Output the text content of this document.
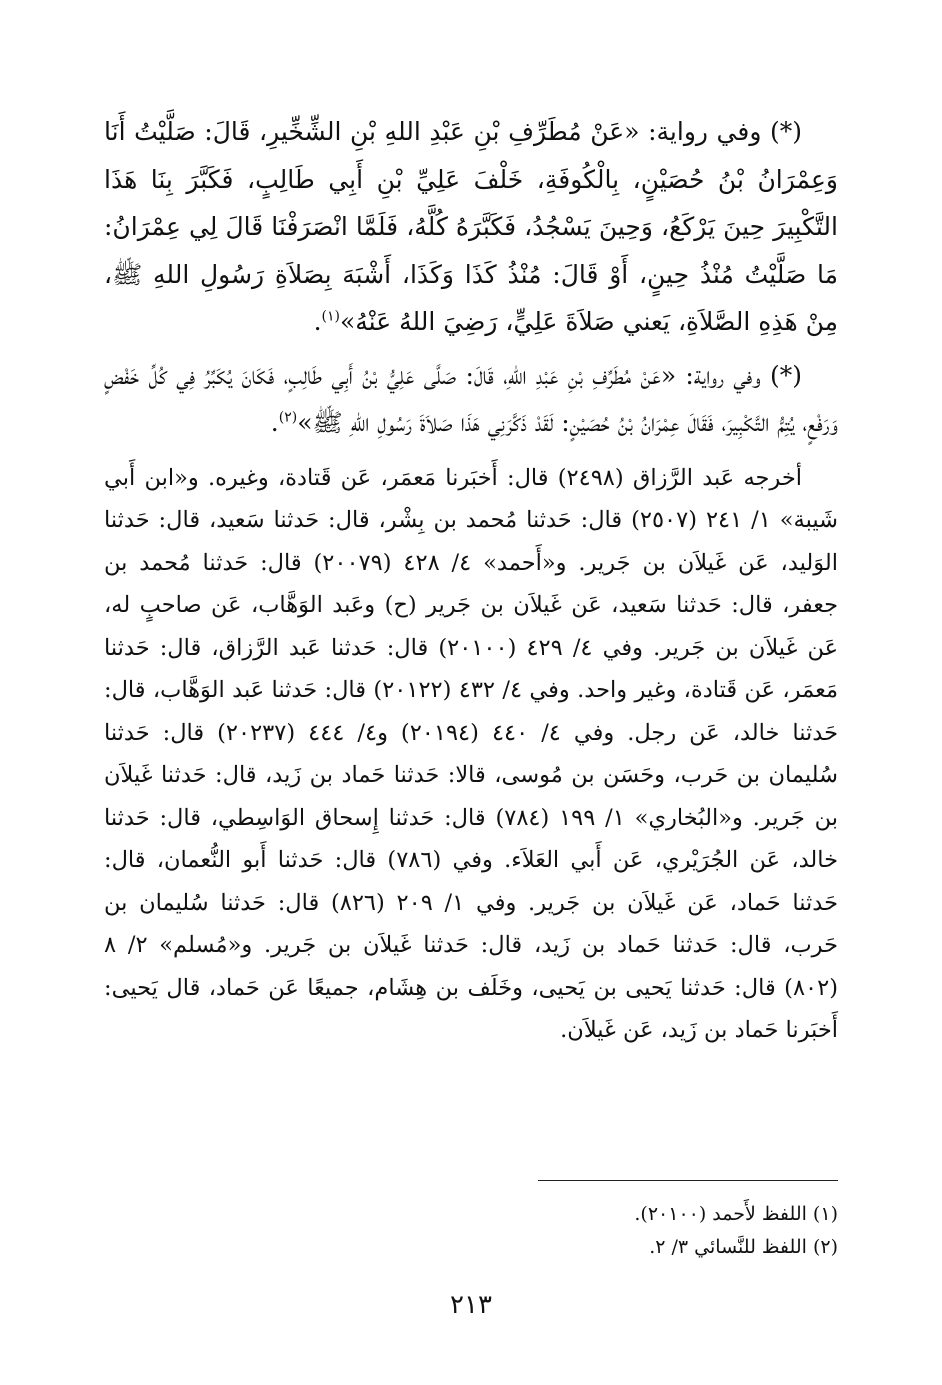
(*) وفي رواية: «عَنْ مُطَرِّفِ بْنِ عَبْدِ اللهِ بْنِ الشِّخِّيرِ، قَالَ: صَلَّيْتُ أَنَا وَعِمْرَانُ بْنُ حُصَيْنٍ، بِالْكُوفَةِ، خَلْفَ عَلِيِّ بْنِ أَبِي طَالِبٍ، فَكَبَّرَ بِنَا هَذَا التَّكْبِيرَ حِينَ يَرْكَعُ، وَحِينَ يَسْجُدُ، فَكَبَّرَهُ كُلَّهُ، فَلَمَّا انْصَرَفْنَا قَالَ لِي عِمْرَانُ: مَا صَلَّيْتُ مُنْذُ حِينٍ، أَوْ قَالَ: مُنْذُ كَذَا وَكَذَا، أَشْبَهَ بِصَلاَةِ رَسُولِ اللهِ ﷺ، مِنْ هَذِهِ الصَّلاَةِ، يَعني صَلاَةَ عَلِيٍّ، رَضِيَ اللهُ عَنْهُ»$^{(١)}$.

(*) وفي رواية: «عَنْ مُطَرِّفِ بْنِ عَبْدِ اللهِ، قَالَ: صَلَّى عَلِيُّ بْنُ أَبِي طَالِبٍ، فَكَانَ يُكَبِّرُ فِي كُلِّ خَفْضٍ وَرَفْعٍ، يُتِمُّ التَّكْبِيرَ، فَقَالَ عِمْرَانُ بْنُ حُصَيْنٍ: لَقَدْ ذَكَّرَنِي هَذَا صَلاَةَ رَسُولِ اللهِ ﷺ»$^{(٢)}$.

أخرجه عَبد الرَّزاق (٢٤٩٨) قال: أَخبَرنا مَعمَر، عَن قَتادة، وغيره. و«ابن أَبي شَيبة» ١/ ٢٤١ (٢٥٠٧) قال: حَدثنا مُحمد بن بِشْر، قال: حَدثنا سَعيد، قال: حَدثنا الوَليد، عَن غَيلاَن بن جَرير. و«أَحمد» ٤/ ٤٢٨ (٢٠٠٧٩) قال: حَدثنا مُحمد بن جعفر، قال: حَدثنا سَعيد، عَن غَيلاَن بن جَرير (ح) وعَبد الوَهَّاب، عَن صاحبٍ له، عَن غَيلاَن بن جَرير. وفي ٤/ ٤٢٩ (٢٠١٠٠) قال: حَدثنا عَبد الرَّزاق، قال: حَدثنا مَعمَر، عَن قَتادة، وغير واحد. وفي ٤/ ٤٣٢ (٢٠١٢٢) قال: حَدثنا عَبد الوَهَّاب، قال: حَدثنا خالد، عَن رجل. وفي ٤/ ٤٤٠ (٢٠١٩٤) و٤/ ٤٤٤ (٢٠٢٣٧) قال: حَدثنا سُليمان بن حَرب، وحَسَن بن مُوسى، قالا: حَدثنا حَماد بن زَيد، قال: حَدثنا غَيلاَن بن جَرير. و«البُخاري» ١/ ١٩٩ (٧٨٤) قال: حَدثنا إِسحاق الوَاسِطي، قال: حَدثنا خالد، عَن الجُرَيْري، عَن أَبي العَلاَء. وفي (٧٨٦) قال: حَدثنا أَبو النُّعمان، قال: حَدثنا حَماد، عَن غَيلاَن بن جَرير. وفي ١/ ٢٠٩ (٨٢٦) قال: حَدثنا سُليمان بن حَرب، قال: حَدثنا حَماد بن زَيد، قال: حَدثنا غَيلاَن بن جَرير. و«مُسلم» ٢/ ٨ (٨٠٢) قال: حَدثنا يَحيى بن يَحيى، وخَلَف بن هِشَام، جميعًا عَن حَماد، قال يَحيى: أَخبَرنا حَماد بن زَيد، عَن غَيلاَن.

(١) اللفظ لأَحمد (٢٠١٠٠).

(٢) اللفظ للنَّسائي ٣/ ٢.

٢١٣
